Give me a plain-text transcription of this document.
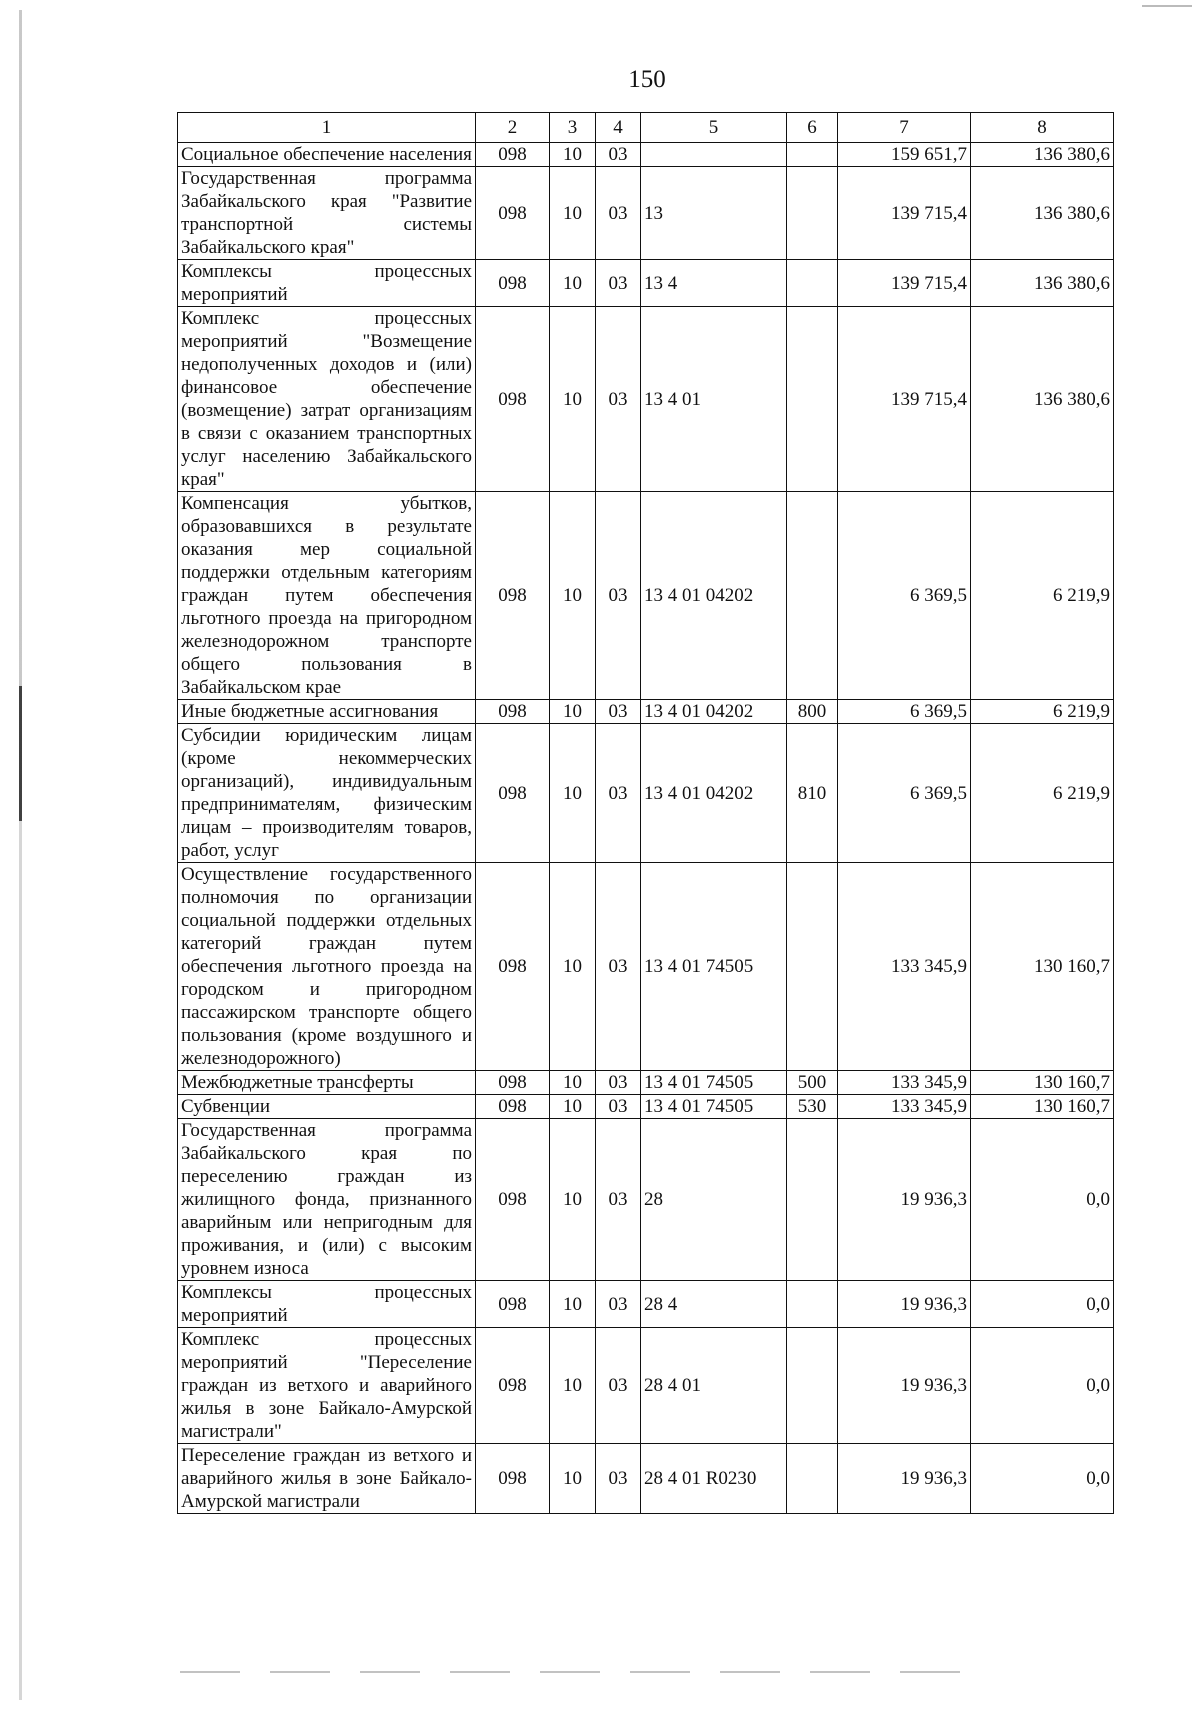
150
1	2	3	4	5	6	7	8
Социальное обеспечение населения	098	10	03			159 651,7	136 380,6
Государственная программа Забайкальского края "Развитие транспортной системы Забайкальского края"	098	10	03	13		139 715,4	136 380,6
Комплексы процессных мероприятий	098	10	03	13 4		139 715,4	136 380,6
Комплекс процессных мероприятий "Возмещение недополученных доходов и (или) финансовое обеспечение (возмещение) затрат организациям в связи с оказанием транспортных услуг населению Забайкальского края"	098	10	03	13 4 01		139 715,4	136 380,6
Компенсация убытков, образовавшихся в результате оказания мер социальной поддержки отдельным категориям граждан путем обеспечения льготного проезда на пригородном железнодорожном транспорте общего пользования в Забайкальском крае	098	10	03	13 4 01 04202		6 369,5	6 219,9
Иные бюджетные ассигнования	098	10	03	13 4 01 04202	800	6 369,5	6 219,9
Субсидии юридическим лицам (кроме некоммерческих организаций), индивидуальным предпринимателям, физическим лицам – производителям товаров, работ, услуг	098	10	03	13 4 01 04202	810	6 369,5	6 219,9
Осуществление государственного полномочия по организации социальной поддержки отдельных категорий граждан путем обеспечения льготного проезда на городском и пригородном пассажирском транспорте общего пользования (кроме воздушного и железнодорожного)	098	10	03	13 4 01 74505		133 345,9	130 160,7
Межбюджетные трансферты	098	10	03	13 4 01 74505	500	133 345,9	130 160,7
Субвенции	098	10	03	13 4 01 74505	530	133 345,9	130 160,7
Государственная программа Забайкальского края по переселению граждан из жилищного фонда, признанного аварийным или непригодным для проживания, и (или) с высоким уровнем износа	098	10	03	28		19 936,3	0,0
Комплексы процессных мероприятий	098	10	03	28 4		19 936,3	0,0
Комплекс процессных мероприятий "Переселение граждан из ветхого и аварийного жилья в зоне Байкало-Амурской магистрали"	098	10	03	28 4 01		19 936,3	0,0
Переселение граждан из ветхого и аварийного жилья в зоне Байкало-Амурской магистрали	098	10	03	28 4 01 R0230		19 936,3	0,0
